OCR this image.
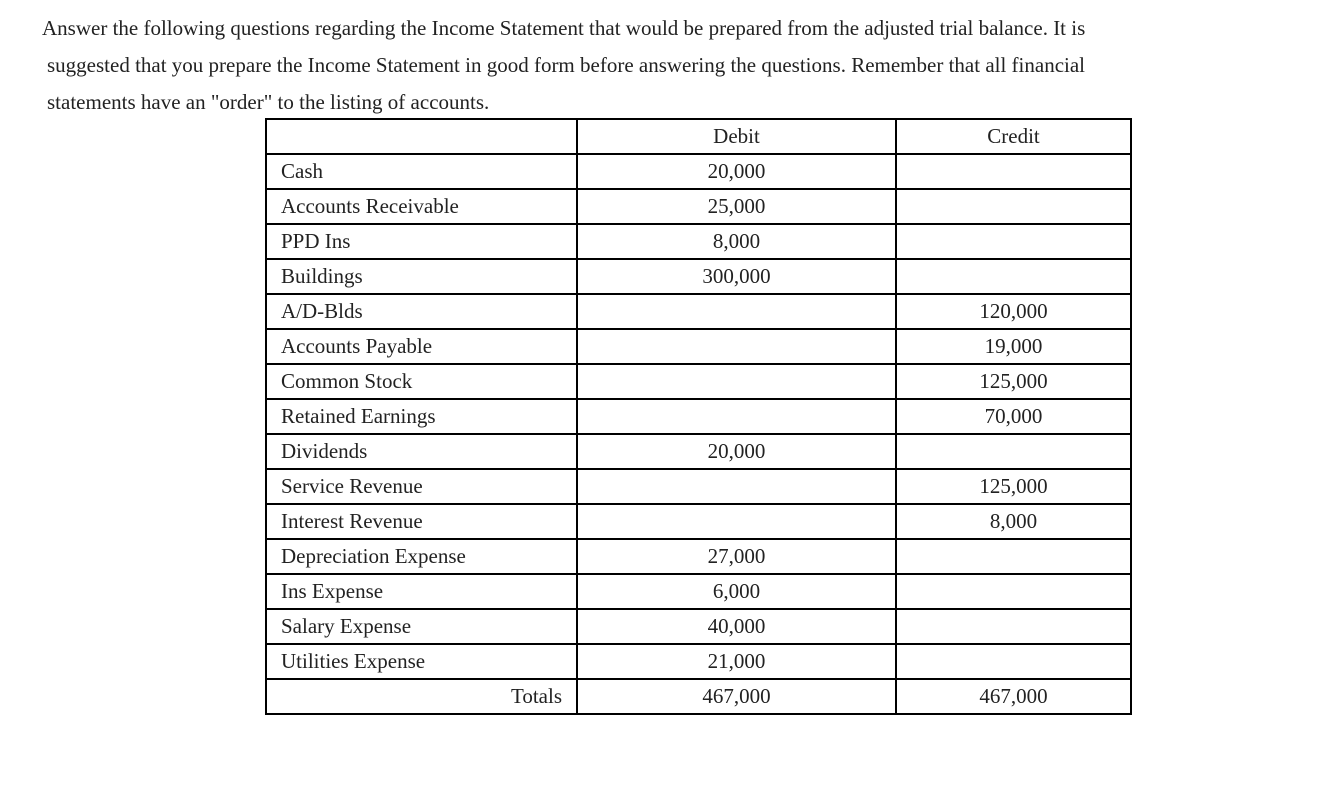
Answer the following questions regarding the Income Statement that would be prepared from the adjusted trial balance. It is
suggested that you prepare the Income Statement in good form before answering the questions. Remember that all financial
statements have an "order" to the listing of accounts.

	Debit	Credit
Cash	20,000	
Accounts Receivable	25,000	
PPD Ins	8,000	
Buildings	300,000	
A/D-Blds		120,000
Accounts Payable		19,000
Common Stock		125,000
Retained Earnings		70,000
Dividends	20,000	
Service Revenue		125,000
Interest Revenue		8,000
Depreciation Expense	27,000	
Ins Expense	6,000	
Salary Expense	40,000	
Utilities Expense	21,000	
Totals	467,000	467,000
